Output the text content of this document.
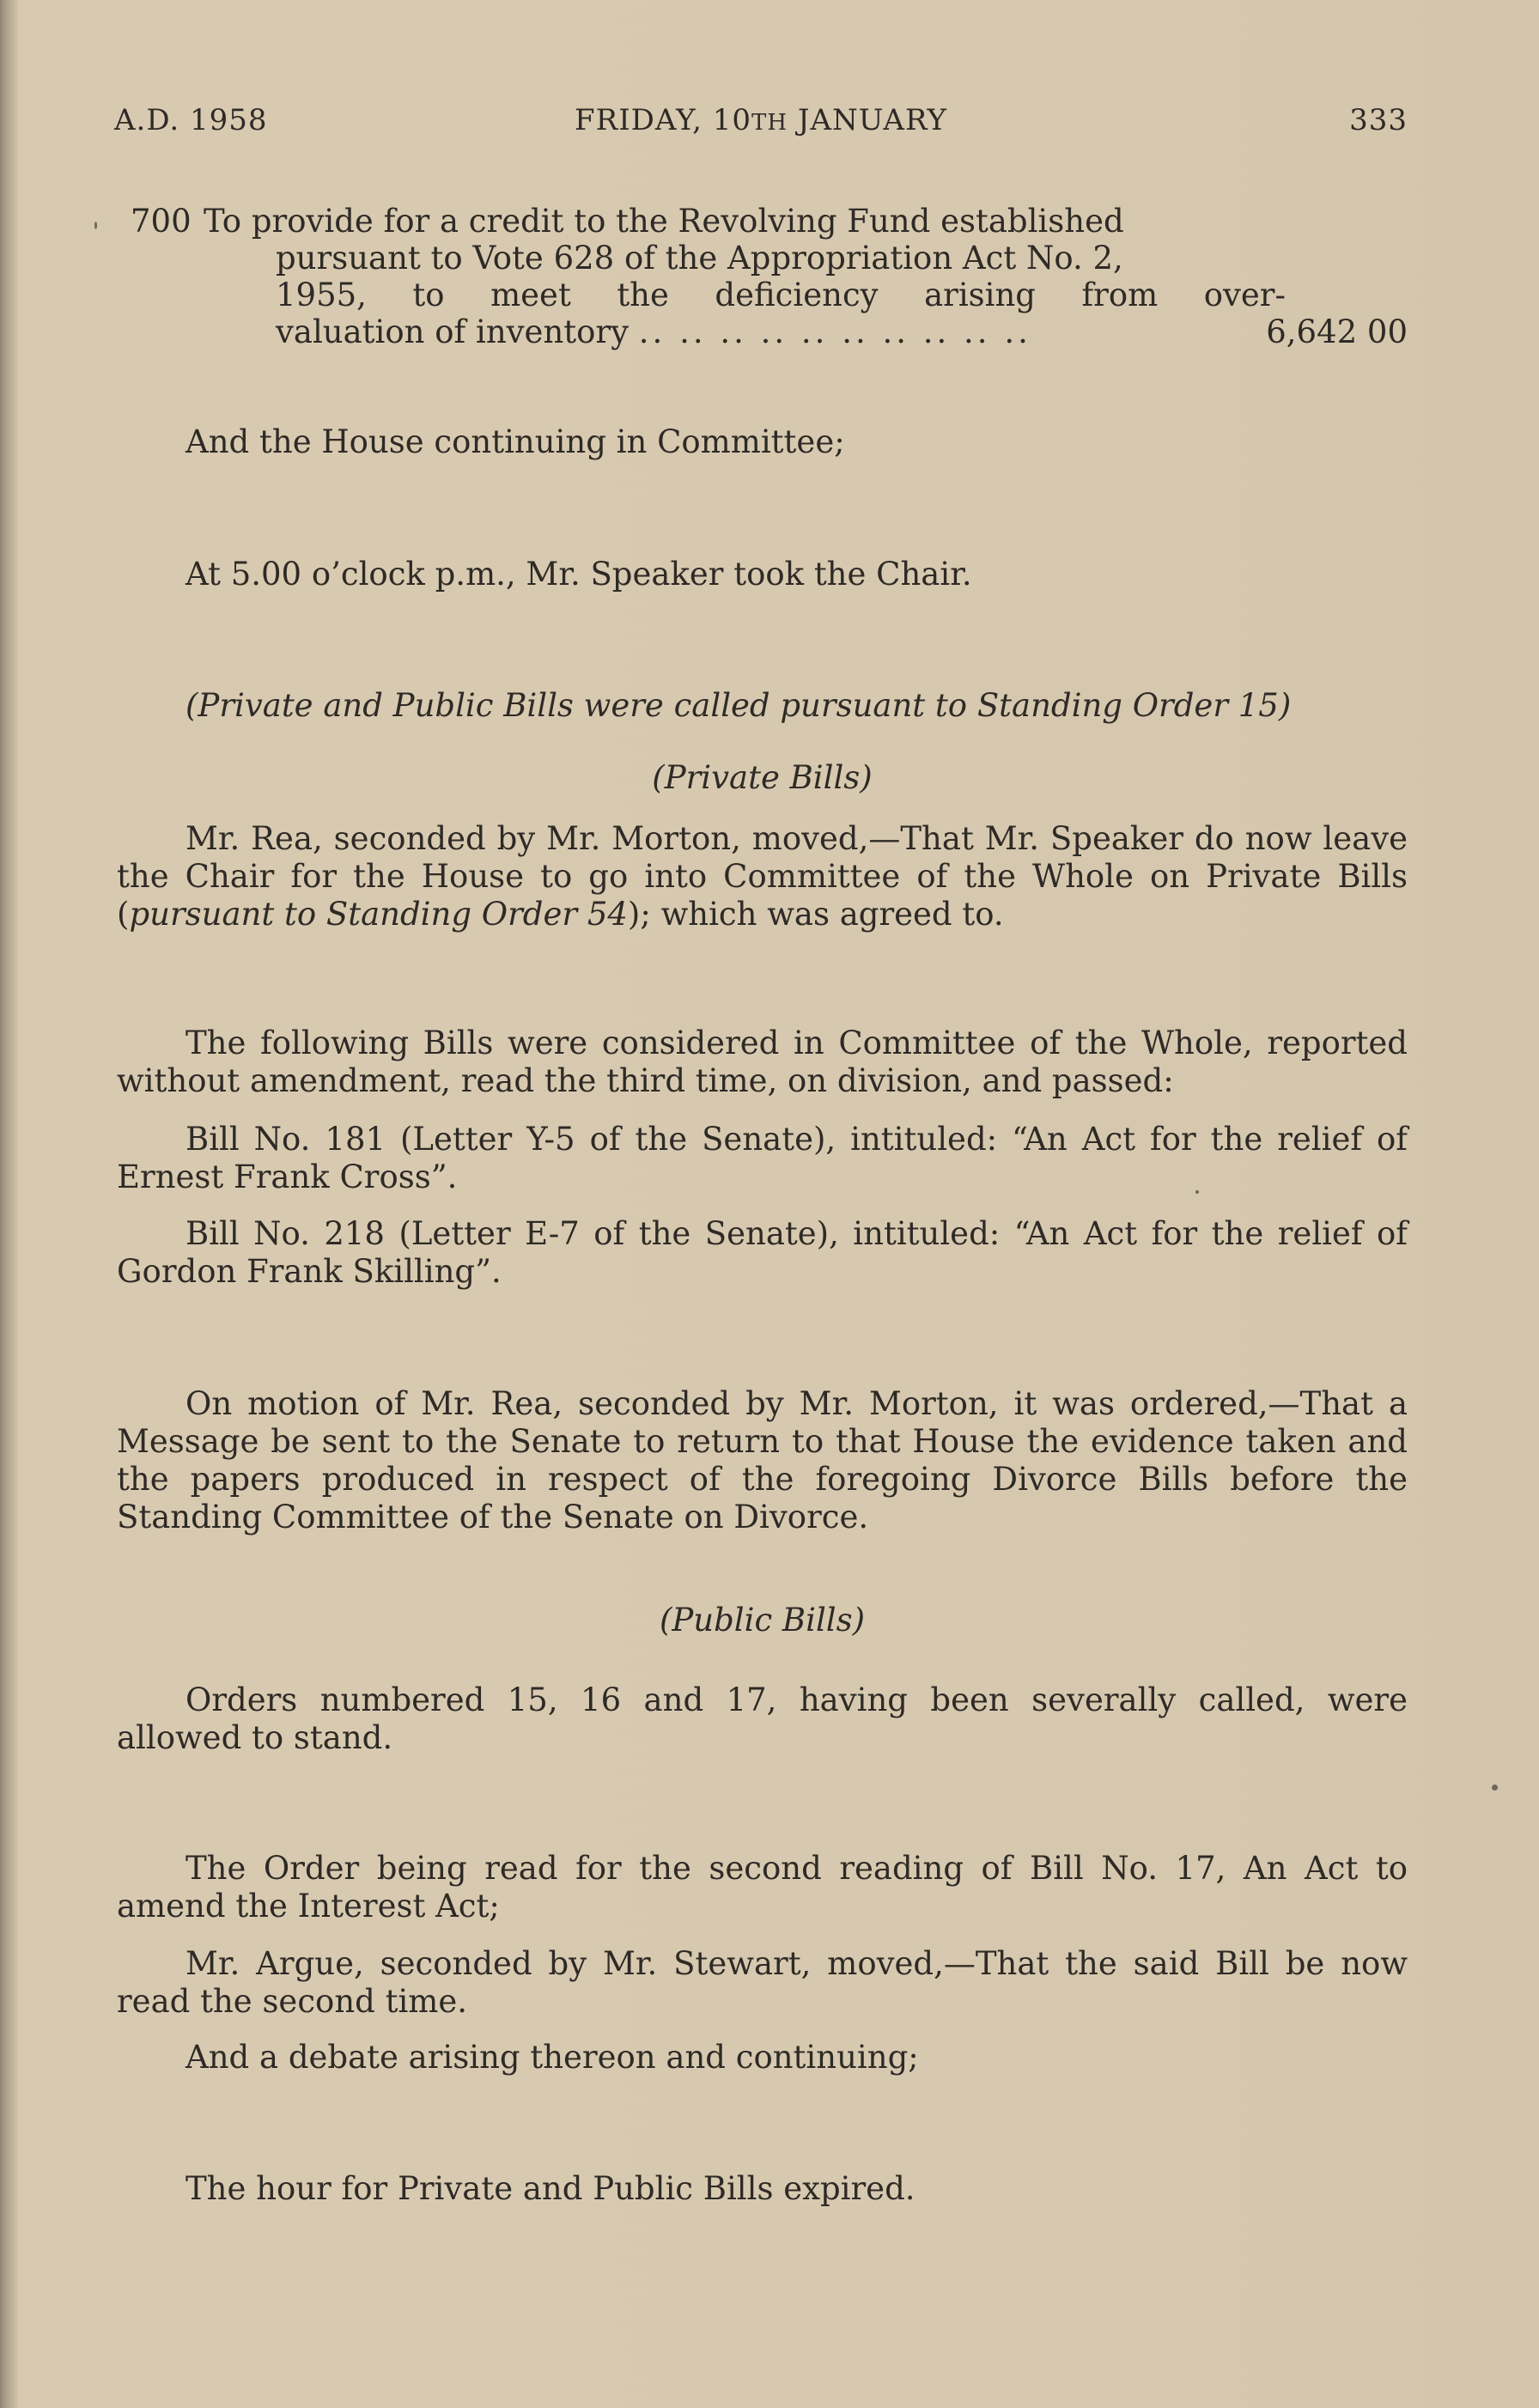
A.D. 1958	FRIDAY, 10TH JANUARY	333
700 To provide for a credit to the Revolving Fund established
pursuant to Vote 628 of the Appropriation Act No. 2,
1955, to meet the deficiency arising from over-
valuation of inventory .. .. .. .. .. .. .. .. .. ..	6,642 00

And the House continuing in Committee;

At 5.00 o’clock p.m., Mr. Speaker took the Chair.

(Private and Public Bills were called pursuant to Standing Order 15)

(Private Bills)

Mr. Rea, seconded by Mr. Morton, moved,—That Mr. Speaker do now leave the Chair for the House to go into Committee of the Whole on Private Bills (pursuant to Standing Order 54); which was agreed to.

The following Bills were considered in Committee of the Whole, reported without amendment, read the third time, on division, and passed:

Bill No. 181 (Letter Y-5 of the Senate), intituled: “An Act for the relief of Ernest Frank Cross”.

Bill No. 218 (Letter E-7 of the Senate), intituled: “An Act for the relief of Gordon Frank Skilling”.

On motion of Mr. Rea, seconded by Mr. Morton, it was ordered,—That a Message be sent to the Senate to return to that House the evidence taken and the papers produced in respect of the foregoing Divorce Bills before the Standing Committee of the Senate on Divorce.

(Public Bills)

Orders numbered 15, 16 and 17, having been severally called, were allowed to stand.

The Order being read for the second reading of Bill No. 17, An Act to amend the Interest Act;

Mr. Argue, seconded by Mr. Stewart, moved,—That the said Bill be now read the second time.

And a debate arising thereon and continuing;

The hour for Private and Public Bills expired.
